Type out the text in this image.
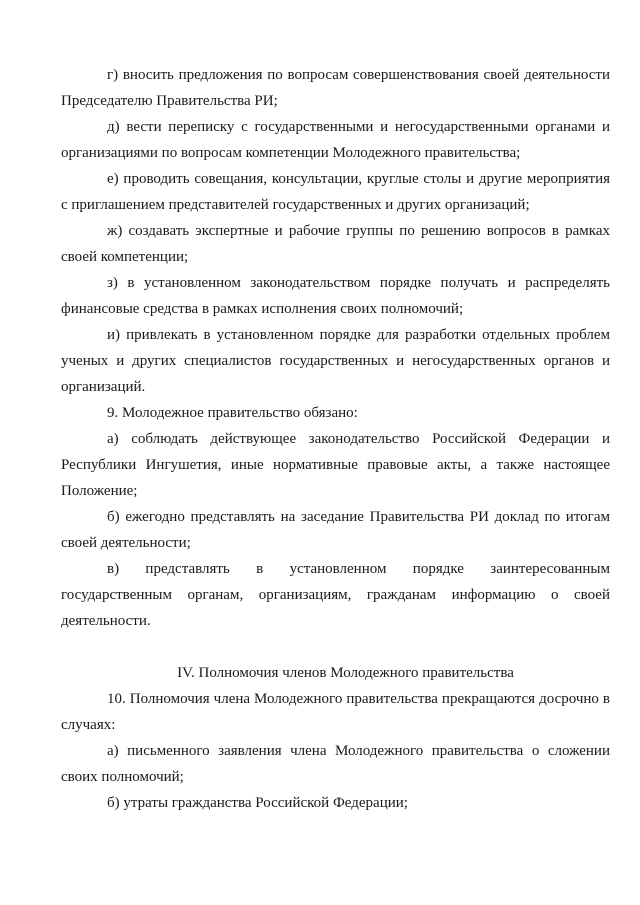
г) вносить предложения по вопросам совершенствования своей деятельности Председателю Правительства РИ;

д) вести переписку с государственными и негосударственными органами и организациями по вопросам компетенции Молодежного правительства;

е) проводить совещания, консультации, круглые столы и другие мероприятия с приглашением представителей государственных и других организаций;

ж) создавать экспертные и рабочие группы по решению вопросов в рамках своей компетенции;

з) в установленном законодательством порядке получать и распределять финансовые средства в рамках исполнения своих полномочий;

и) привлекать в установленном порядке для разработки отдельных проблем ученых и других специалистов государственных и негосударственных органов и организаций.

9. Молодежное правительство обязано:

а) соблюдать действующее законодательство Российской Федерации и Республики Ингушетия, иные нормативные правовые акты, а также настоящее Положение;

б) ежегодно представлять на заседание Правительства РИ доклад по итогам своей деятельности;

в) представлять в установленном порядке заинтересованным государственным органам, организациям, гражданам информацию о своей деятельности.

IV. Полномочия членов Молодежного правительства

10. Полномочия члена Молодежного правительства прекращаются досрочно в случаях:

а) письменного заявления члена Молодежного правительства о сложении своих полномочий;

б) утраты гражданства Российской Федерации;
